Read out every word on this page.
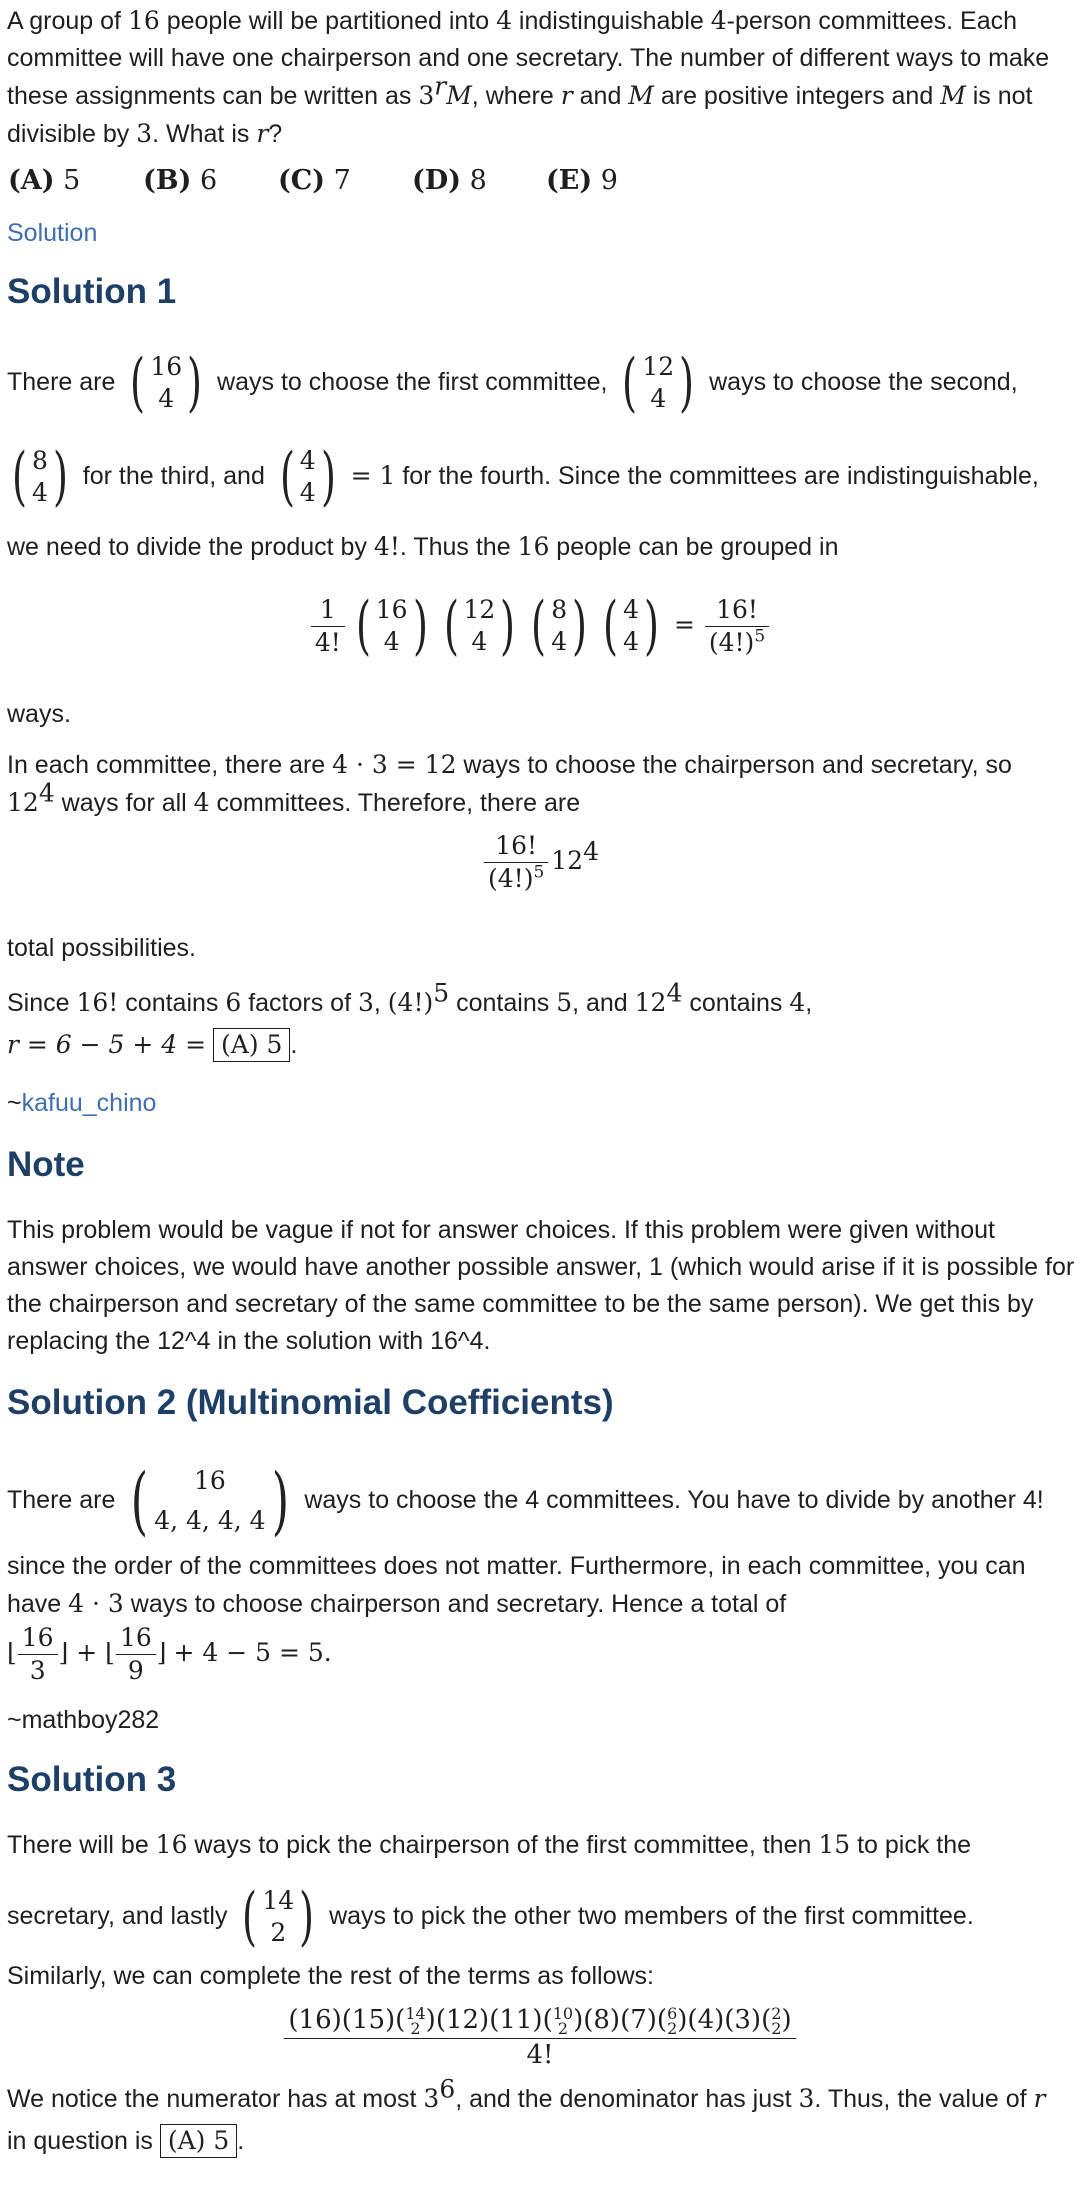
A group of 16 people will be partitioned into 4 indistinguishable 4-person committees. Each committee will have one chairperson and one secretary. The number of different ways to make these assignments can be written as 3$^r$M, where r and M are positive integers and M is not divisible by 3. What is r?

(A) 5 (B) 6 (C) 7 (D) 8 (E) 9
Solution
Solution 1
There are ( 16
4 ) ways to choose the first committee, ( 12
4 ) ways to choose the second,
( 8
4 ) for the third, and ( 4
4 ) = 1 for the fourth. Since the committees are indistinguishable,

we need to divide the product by 4!. Thus the 16 people can be grouped in

$\frac{1}{4!}$ ( 16
4 ) ( 12
4 ) ( 8
4 ) ( 4
4 ) = $\frac{16!}{(4!)^5}$

ways.

In each committee, there are 4 · 3 = 12 ways to choose the chairperson and secretary, so
$12^4$ ways for all 4 committees. Therefore, there are

$\frac{16!}{(4!)^5} 12^4$

total possibilities.

Since 16! contains 6 factors of 3, $(4!)^5$ contains 5, and $12^4$ contains 4,
r = 6 − 5 + 4 = (A) 5 .

~kafuu_chino

Note

This problem would be vague if not for answer choices. If this problem were given without answer choices, we would have another possible answer, 1 (which would arise if it is possible for the chairperson and secretary of the same committee to be the same person). We get this by replacing the 12^4 in the solution with 16^4.

Solution 2 (Multinomial Coefficients)
There are ( 16
4, 4, 4, 4 ) ways to choose the 4 committees. You have to divide by another 4!

since the order of the committees does not matter. Furthermore, in each committee, you can
have 4 · 3 ways to choose chairperson and secretary. Hence a total of

⌊ $\frac{16}{3}$ ⌋ + ⌊ $\frac{16}{9}$ ⌋ + 4 − 5 = 5.

~mathboy282

Solution 3

There will be 16 ways to pick the chairperson of the first committee, then 15 to pick the

secretary, and lastly ( 14
2 ) ways to pick the other two members of the first committee.

Similarly, we can complete the rest of the terms as follows:

(16)(15)( 14
2 )(12)(11)( 10
2 )(8)(7)( 6
2 )(4)(3)( 2
2 )
4!

We notice the numerator has at most $3^6$, and the denominator has just 3. Thus, the value of r
in question is (A) 5 .
